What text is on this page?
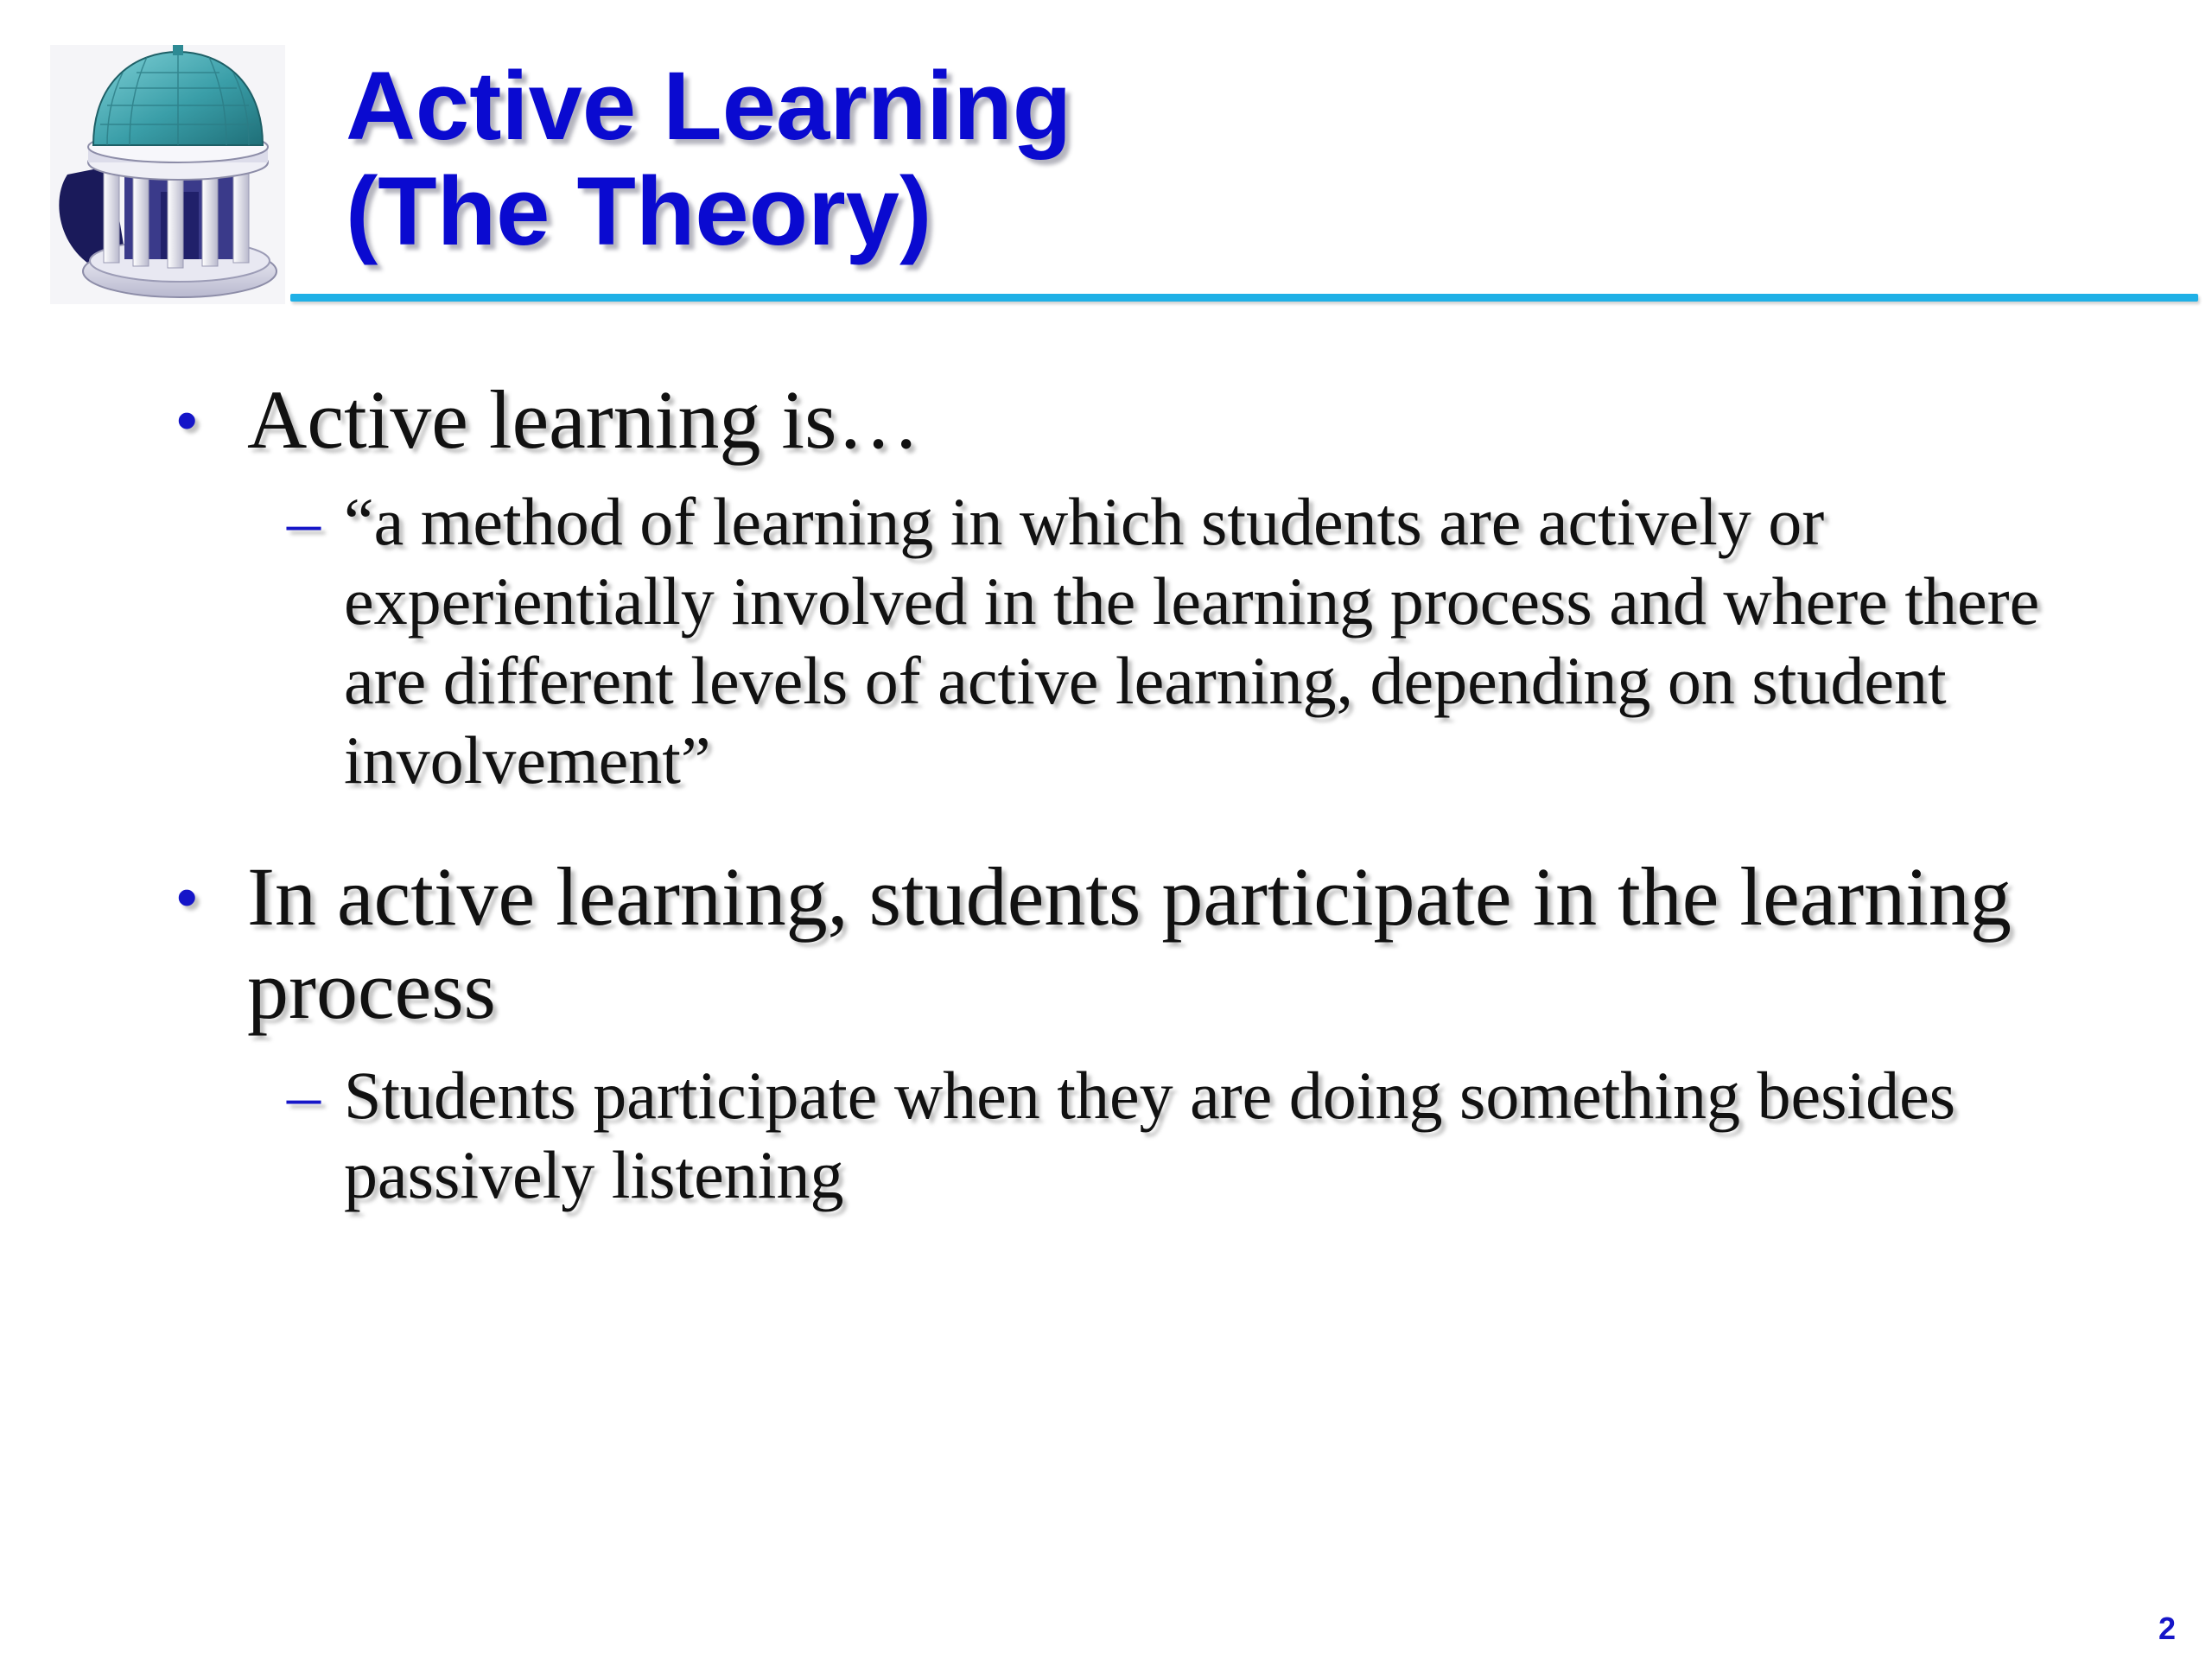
Active Learning
(The Theory)
• Active learning is…
– “a method of learning in which students are actively or experientially involved in the learning process and where there are different levels of active learning, depending on student involvement”
• In active learning, students participate in the learning process
– Students participate when they are doing something besides passively listening
2
